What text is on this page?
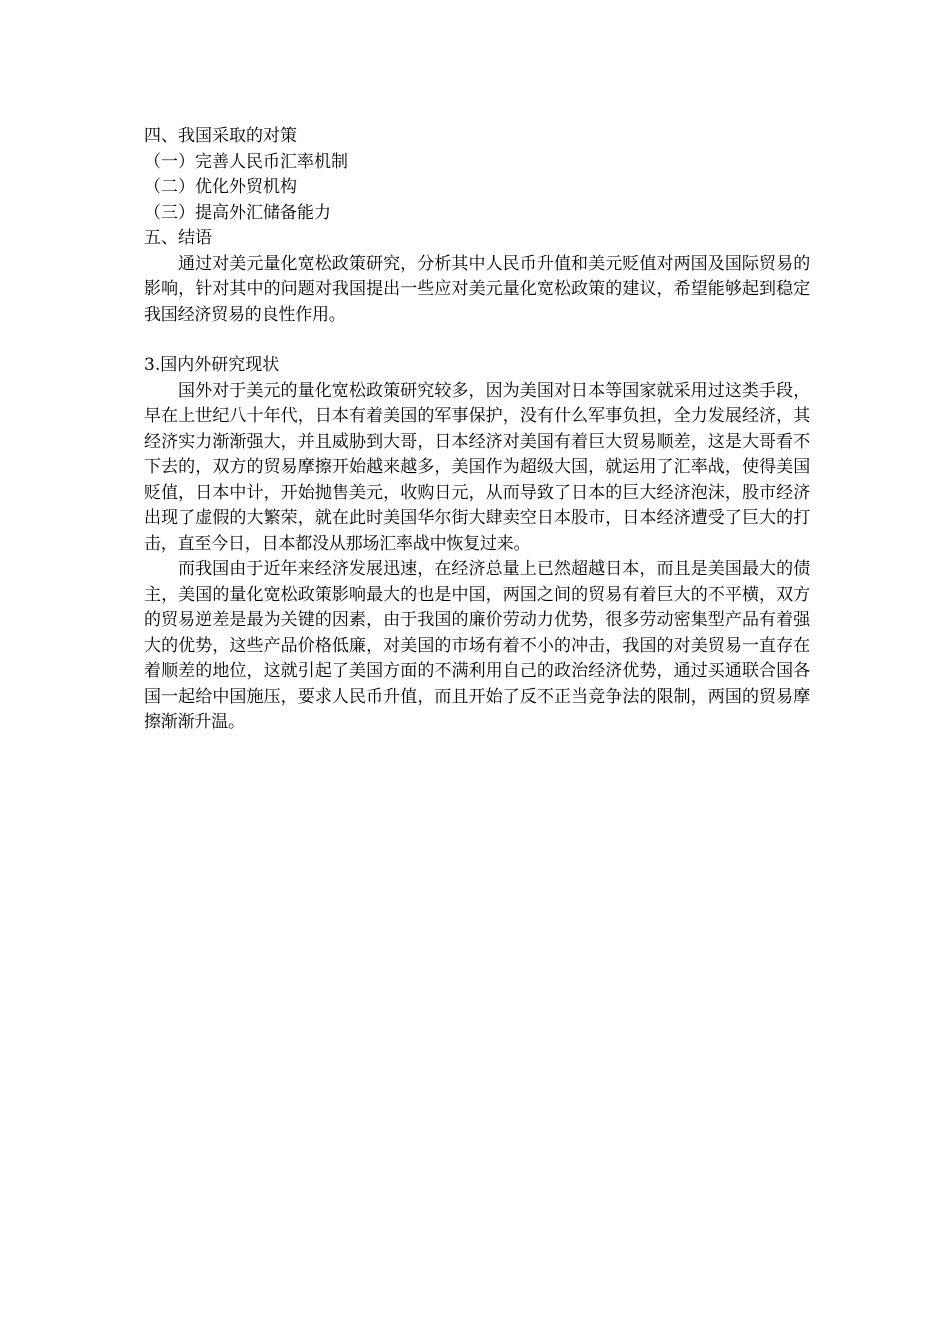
四、我国采取的对策
（一）完善人民币汇率机制
（二）优化外贸机构
（三）提高外汇储备能力
五、结语

通过对美元量化宽松政策研究，分析其中人民币升值和美元贬值对两国及国际贸易的影响，针对其中的问题对我国提出一些应对美元量化宽松政策的建议，希望能够起到稳定我国经济贸易的良性作用。

3.国内外研究现状

国外对于美元的量化宽松政策研究较多，因为美国对日本等国家就采用过这类手段，早在上世纪八十年代，日本有着美国的军事保护，没有什么军事负担，全力发展经济，其经济实力渐渐强大，并且威胁到大哥，日本经济对美国有着巨大贸易顺差，这是大哥看不下去的，双方的贸易摩擦开始越来越多，美国作为超级大国，就运用了汇率战，使得美国贬值，日本中计，开始抛售美元，收购日元，从而导致了日本的巨大经济泡沫，股市经济出现了虚假的大繁荣，就在此时美国华尔街大肆卖空日本股市，日本经济遭受了巨大的打击，直至今日，日本都没从那场汇率战中恢复过来。

而我国由于近年来经济发展迅速，在经济总量上已然超越日本，而且是美国最大的债主，美国的量化宽松政策影响最大的也是中国，两国之间的贸易有着巨大的不平横，双方的贸易逆差是最为关键的因素，由于我国的廉价劳动力优势，很多劳动密集型产品有着强大的优势，这些产品价格低廉，对美国的市场有着不小的冲击，我国的对美贸易一直存在着顺差的地位，这就引起了美国方面的不满利用自己的政治经济优势，通过买通联合国各国一起给中国施压，要求人民币升值，而且开始了反不正当竞争法的限制，两国的贸易摩擦渐渐升温。
